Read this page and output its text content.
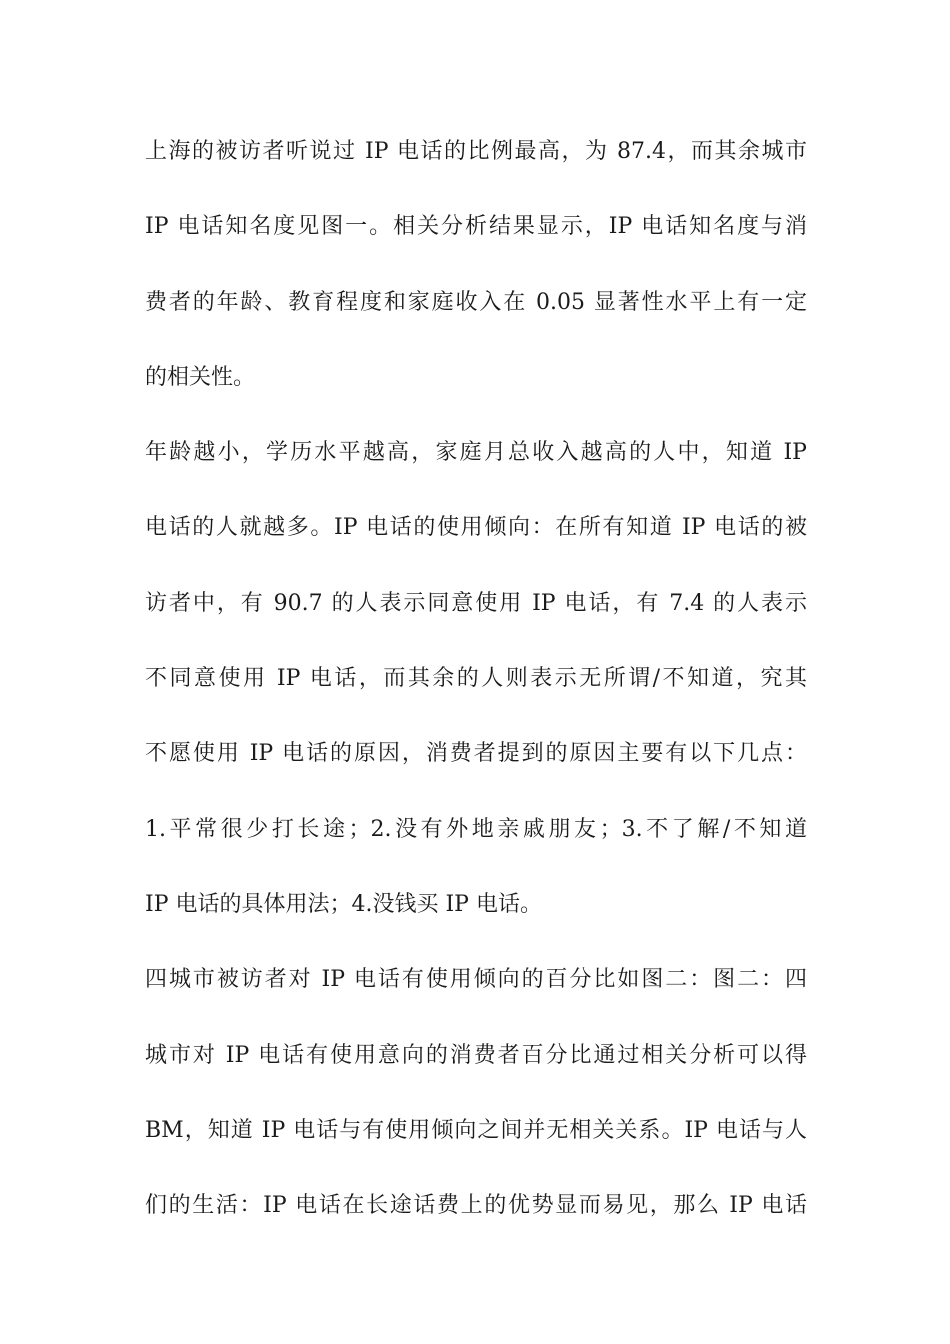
上海的被访者听说过 IP 电话的比例最高，为 87.4，而其余城市
IP 电话知名度见图一。相关分析结果显示，IP 电话知名度与消
费者的年龄、教育程度和家庭收入在 0.05 显著性水平上有一定
的相关性。
年龄越小，学历水平越高，家庭月总收入越高的人中，知道 IP
电话的人就越多。IP 电话的使用倾向：在所有知道 IP 电话的被
访者中，有 90.7 的人表示同意使用 IP 电话，有 7.4 的人表示
不同意使用 IP 电话，而其余的人则表示无所谓/不知道，究其
不愿使用 IP 电话的原因，消费者提到的原因主要有以下几点：
1.平常很少打长途；2.没有外地亲戚朋友；3.不了解/不知道
IP 电话的具体用法；4.没钱买 IP 电话。
四城市被访者对 IP 电话有使用倾向的百分比如图二：图二：四
城市对 IP 电话有使用意向的消费者百分比通过相关分析可以得
BM，知道 IP 电话与有使用倾向之间并无相关关系。IP 电话与人
们的生活：IP 电话在长途话费上的优势显而易见，那么 IP 电话
